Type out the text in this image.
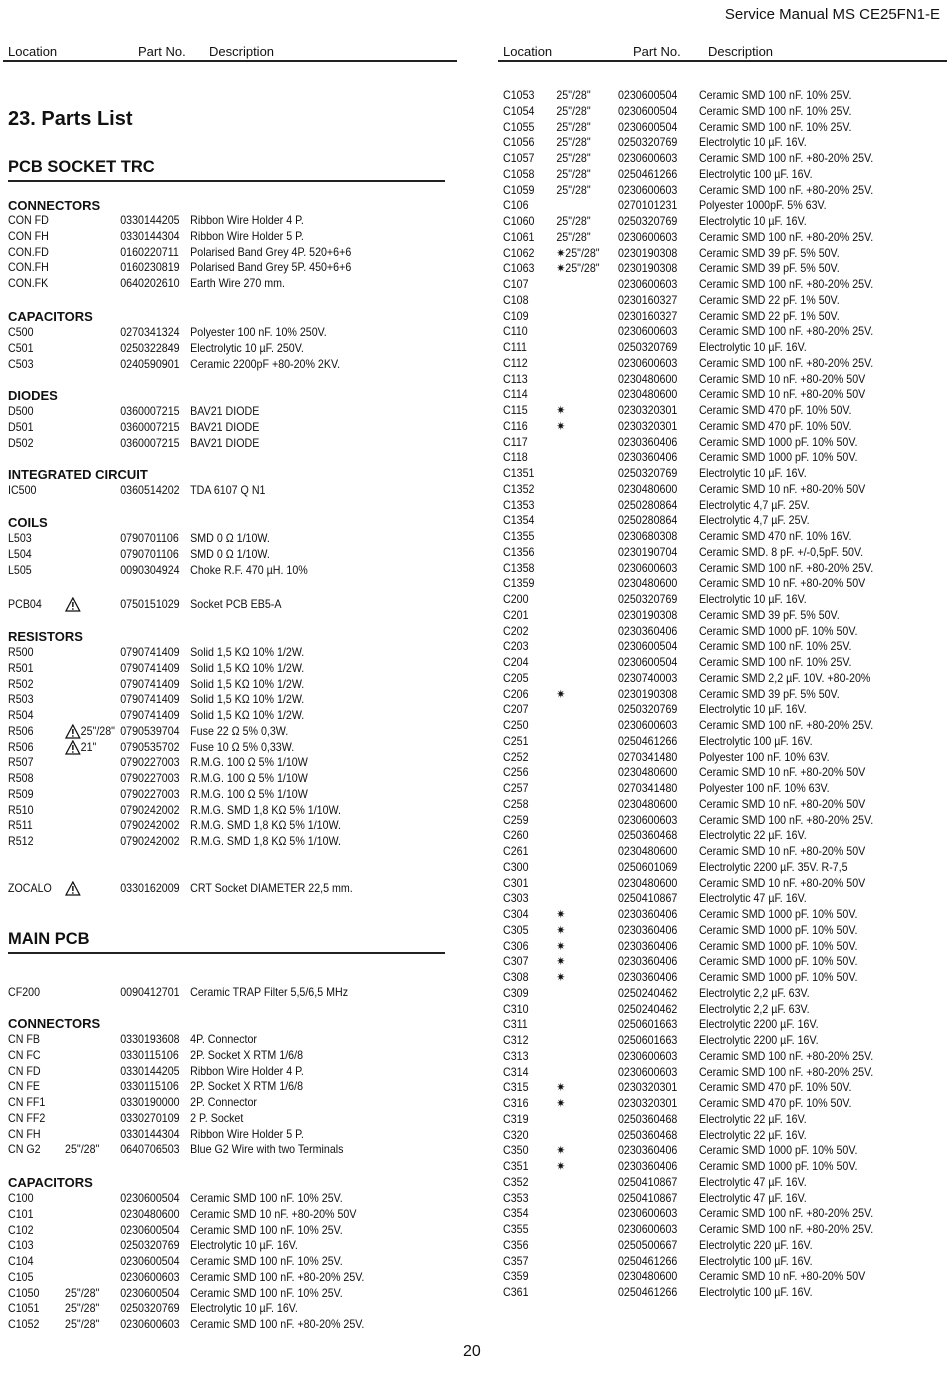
Service Manual MS CE25FN1-E
Location	Part No. Description	Location	Part No. Description
23. Parts List
PCB SOCKET TRC
CONNECTORS
CON FD	0330144205 Ribbon Wire Holder 4 P.
CON FH	0330144304 Ribbon Wire Holder 5 P.
CON.FD	0160220711 Polarised Band Grey 4P. 520+6+6
CON.FH	0160230819 Polarised Band Grey 5P. 450+6+6
CON.FK	0640202610 Earth Wire 270 mm.
CAPACITORS
C500	0270341324 Polyester 100 nF. 10% 250V.
C501	0250322849 Electrolytic 10 µF. 250V.
C503	0240590901 Ceramic 2200pF +80-20% 2KV.
DIODES
D500	0360007215 BAV21 DIODE
D501	0360007215 BAV21 DIODE
D502	0360007215 BAV21 DIODE
INTEGRATED CIRCUIT
IC500	0360514202 TDA 6107 Q N1
COILS
L503	0790701106 SMD 0 Ω 1/10W.
L504	0790701106 SMD 0 Ω 1/10W.
L505	0090304924 Choke R.F. 470 µH. 10%
PCB04	0750151029 Socket PCB EB5-A
RESISTORS
R500	0790741409 Solid 1,5 KΩ 10% 1/2W.
R501	0790741409 Solid 1,5 KΩ 10% 1/2W.
R502	0790741409 Solid 1,5 KΩ 10% 1/2W.
R503	0790741409 Solid 1,5 KΩ 10% 1/2W.
R504	0790741409 Solid 1,5 KΩ 10% 1/2W.
R506	25"/28" 0790539704 Fuse 22 Ω 5% 0,3W.
R506	21" 0790535702 Fuse 10 Ω 5% 0,33W.
R507	0790227003 R.M.G. 100 Ω 5% 1/10W
R508	0790227003 R.M.G. 100 Ω 5% 1/10W
R509	0790227003 R.M.G. 100 Ω 5% 1/10W
R510	0790242002 R.M.G. SMD 1,8 KΩ 5% 1/10W.
R511	0790242002 R.M.G. SMD 1,8 KΩ 5% 1/10W.
R512	0790242002 R.M.G. SMD 1,8 KΩ 5% 1/10W.
ZOCALO	0330162009 CRT Socket DIAMETER 22,5 mm.
MAIN PCB
CF200	0090412701 Ceramic TRAP Filter 5,5/6,5 MHz
CONNECTORS
CN FB	0330193608 4P. Connector
CN FC	0330115106 2P. Socket X RTM 1/6/8
CN FD	0330144205 Ribbon Wire Holder 4 P.
CN FE	0330115106 2P. Socket X RTM 1/6/8
CN FF1	0330190000 2P. Connector
CN FF2	0330270109 2 P. Socket
CN FH	0330144304 Ribbon Wire Holder 5 P.
CN G2 25"/28" 0640706503 Blue G2 Wire with two Terminals
CAPACITORS
C100	0230600504 Ceramic SMD 100 nF. 10% 25V.
C101	0230480600 Ceramic SMD 10 nF. +80-20% 50V
C102	0230600504 Ceramic SMD 100 nF. 10% 25V.
C103	0250320769 Electrolytic 10 µF. 16V.
C104	0230600504 Ceramic SMD 100 nF. 10% 25V.
C105	0230600603 Ceramic SMD 100 nF. +80-20% 25V.
C1050 25"/28" 0230600504 Ceramic SMD 100 nF. 10% 25V.
C1051 25"/28" 0250320769 Electrolytic 10 µF. 16V.
C1052 25"/28" 0230600603 Ceramic SMD 100 nF. +80-20% 25V.
C1053 25"/28" 0230600504 Ceramic SMD 100 nF. 10% 25V.
C1054 25"/28" 0230600504 Ceramic SMD 100 nF. 10% 25V.
C1055 25"/28" 0230600504 Ceramic SMD 100 nF. 10% 25V.
C1056 25"/28" 0250320769 Electrolytic 10 µF. 16V.
C1057 25"/28" 0230600603 Ceramic SMD 100 nF. +80-20% 25V.
C1058 25"/28" 0250461266 Electrolytic 100 µF. 16V.
C1059 25"/28" 0230600603 Ceramic SMD 100 nF. +80-20% 25V.
C106	0270101231 Polyester 1000pF. 5% 63V.
C1060 25"/28" 0250320769 Electrolytic 10 µF. 16V.
C1061 25"/28" 0230600603 Ceramic SMD 100 nF. +80-20% 25V.
C1062 ✷25"/28" 0230190308 Ceramic SMD 39 pF. 5% 50V.
C1063 ✷25"/28" 0230190308 Ceramic SMD 39 pF. 5% 50V.
C107	0230600603 Ceramic SMD 100 nF. +80-20% 25V.
C108	0230160327 Ceramic SMD 22 pF. 1% 50V.
C109	0230160327 Ceramic SMD 22 pF. 1% 50V.
C110	0230600603 Ceramic SMD 100 nF. +80-20% 25V.
C111	0250320769 Electrolytic 10 µF. 16V.
C112	0230600603 Ceramic SMD 100 nF. +80-20% 25V.
C113	0230480600 Ceramic SMD 10 nF. +80-20% 50V
C114	0230480600 Ceramic SMD 10 nF. +80-20% 50V
C115 ✷	0230320301 Ceramic SMD 470 pF. 10% 50V.
C116 ✷	0230320301 Ceramic SMD 470 pF. 10% 50V.
C117	0230360406 Ceramic SMD 1000 pF. 10% 50V.
C118	0230360406 Ceramic SMD 1000 pF. 10% 50V.
C1351	0250320769 Electrolytic 10 µF. 16V.
C1352	0230480600 Ceramic SMD 10 nF. +80-20% 50V
C1353	0250280864 Electrolytic 4,7 µF. 25V.
C1354	0250280864 Electrolytic 4,7 µF. 25V.
C1355	0230680308 Ceramic SMD 470 nF. 10% 16V.
C1356	0230190704 Ceramic SMD. 8 pF. +/-0,5pF. 50V.
C1358	0230600603 Ceramic SMD 100 nF. +80-20% 25V.
C1359	0230480600 Ceramic SMD 10 nF. +80-20% 50V
C200	0250320769 Electrolytic 10 µF. 16V.
C201	0230190308 Ceramic SMD 39 pF. 5% 50V.
C202	0230360406 Ceramic SMD 1000 pF. 10% 50V.
C203	0230600504 Ceramic SMD 100 nF. 10% 25V.
C204	0230600504 Ceramic SMD 100 nF. 10% 25V.
C205	0230740003 Ceramic SMD 2,2 µF. 10V. +80-20%
C206 ✷	0230190308 Ceramic SMD 39 pF. 5% 50V.
C207	0250320769 Electrolytic 10 µF. 16V.
C250	0230600603 Ceramic SMD 100 nF. +80-20% 25V.
C251	0250461266 Electrolytic 100 µF. 16V.
C252	0270341480 Polyester 100 nF. 10% 63V.
C256	0230480600 Ceramic SMD 10 nF. +80-20% 50V
C257	0270341480 Polyester 100 nF. 10% 63V.
C258	0230480600 Ceramic SMD 10 nF. +80-20% 50V
C259	0230600603 Ceramic SMD 100 nF. +80-20% 25V.
C260	0250360468 Electrolytic 22 µF. 16V.
C261	0230480600 Ceramic SMD 10 nF. +80-20% 50V
C300	0250601069 Electrolytic 2200 µF. 35V. R-7,5
C301	0230480600 Ceramic SMD 10 nF. +80-20% 50V
C303	0250410867 Electrolytic 47 µF. 16V.
C304 ✷	0230360406 Ceramic SMD 1000 pF. 10% 50V.
C305 ✷	0230360406 Ceramic SMD 1000 pF. 10% 50V.
C306 ✷	0230360406 Ceramic SMD 1000 pF. 10% 50V.
C307 ✷	0230360406 Ceramic SMD 1000 pF. 10% 50V.
C308 ✷	0230360406 Ceramic SMD 1000 pF. 10% 50V.
C309	0250240462 Electrolytic 2,2 µF. 63V.
C310	0250240462 Electrolytic 2,2 µF. 63V.
C311	0250601663 Electrolytic 2200 µF. 16V.
C312	0250601663 Electrolytic 2200 µF. 16V.
C313	0230600603 Ceramic SMD 100 nF. +80-20% 25V.
C314	0230600603 Ceramic SMD 100 nF. +80-20% 25V.
C315 ✷	0230320301 Ceramic SMD 470 pF. 10% 50V.
C316 ✷	0230320301 Ceramic SMD 470 pF. 10% 50V.
C319	0250360468 Electrolytic 22 µF. 16V.
C320	0250360468 Electrolytic 22 µF. 16V.
C350 ✷	0230360406 Ceramic SMD 1000 pF. 10% 50V.
C351 ✷	0230360406 Ceramic SMD 1000 pF. 10% 50V.
C352	0250410867 Electrolytic 47 µF. 16V.
C353	0250410867 Electrolytic 47 µF. 16V.
C354	0230600603 Ceramic SMD 100 nF. +80-20% 25V.
C355	0230600603 Ceramic SMD 100 nF. +80-20% 25V.
C356	0250500667 Electrolytic 220 µF. 16V.
C357	0250461266 Electrolytic 100 µF. 16V.
C359	0230480600 Ceramic SMD 10 nF. +80-20% 50V
C361	0250461266 Electrolytic 100 µF. 16V.
20
